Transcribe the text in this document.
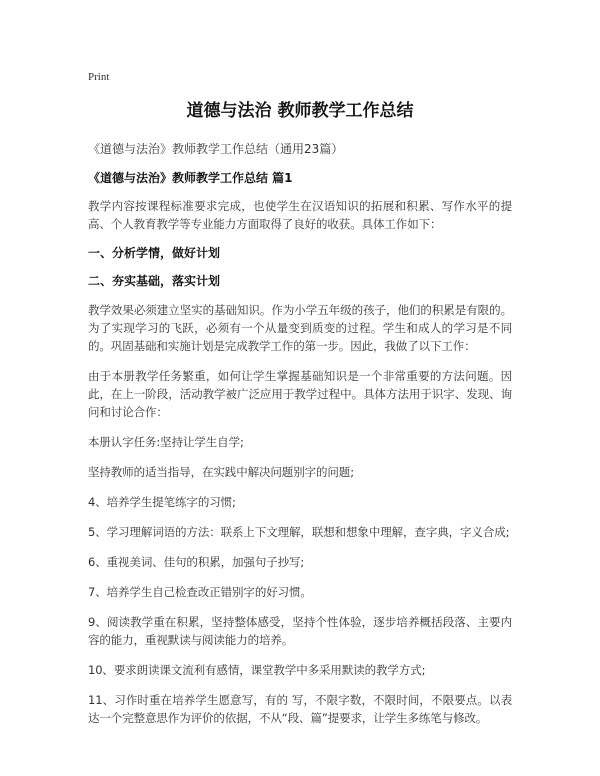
Print
道德与法治 教师教学工作总结
《道德与法治》教师教学工作总结（通用23篇）
《道德与法治》教师教学工作总结 篇1
教学内容按课程标准要求完成，也使学生在汉语知识的拓展和积累、写作水平的提高、个人教育教学等专业能力方面取得了良好的收获。具体工作如下：
一、分析学情，做好计划
二、夯实基础，落实计划
教学效果必须建立坚实的基础知识。作为小学五年级的孩子，他们的积累是有限的。为了实现学习的飞跃，必须有一个从量变到质变的过程。学生和成人的学习是不同的。巩固基础和实施计划是完成教学工作的第一步。因此，我做了以下工作：
由于本册教学任务繁重，如何让学生掌握基础知识是一个非常重要的方法问题。因此，在上一阶段，活动教学被广泛应用于教学过程中。具体方法用于识字、发现、询问和讨论合作：
本册认字任务:坚持让学生自学;
坚持教师的适当指导，在实践中解决问题别字的问题;
4、培养学生提笔练字的习惯;
5、学习理解词语的方法：联系上下文理解，联想和想象中理解，查字典，字义合成;
6、重视美词、佳句的积累，加强句子抄写;
7、培养学生自己检查改正错别字的好习惯。
9、阅读教学重在积累，坚持整体感受，坚持个性体验，逐步培养概括段落、主要内容的能力，重视默读与阅读能力的培养。
10、要求朗读课文流利有感情，课堂教学中多采用默读的教学方式;
11、习作时重在培养学生愿意写，有的 写，不限字数，不限时间，不限要点。以表达一个完整意思作为评价的依据，不从“段、篇”提要求，让学生多练笔与修改。
